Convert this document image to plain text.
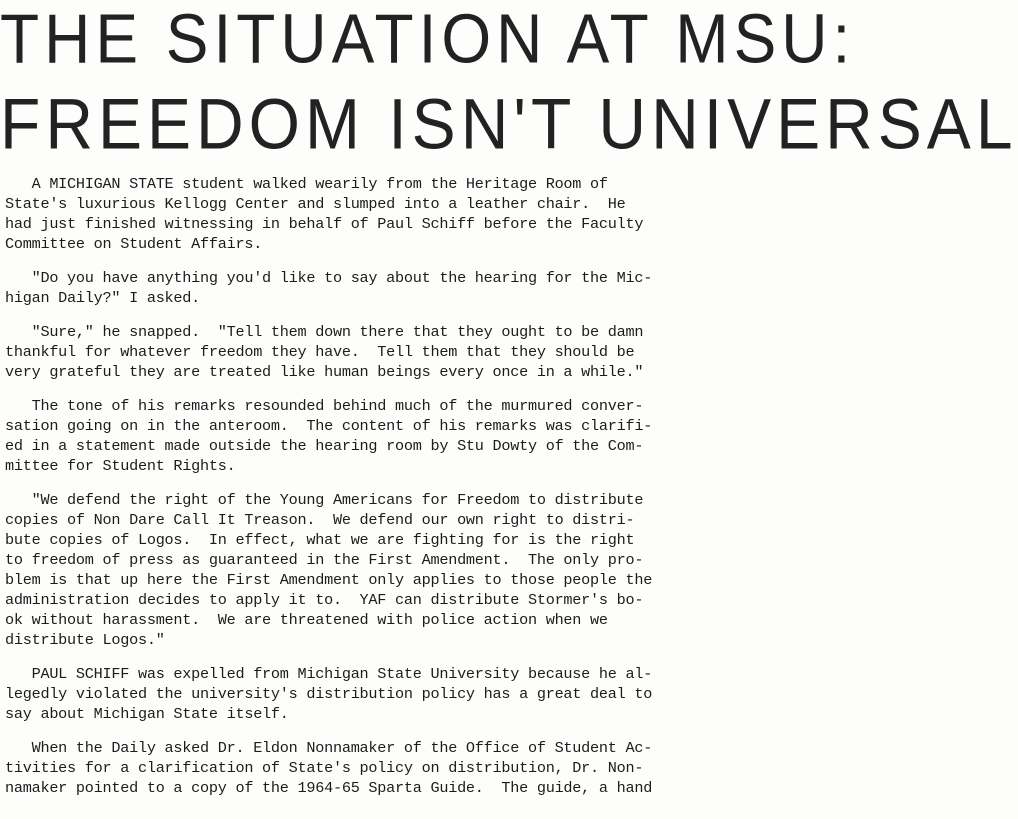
THE SITUATION AT MSU:
FREEDOM ISN'T UNIVERSAL

A MICHIGAN STATE student walked wearily from the Heritage Room of
State's luxurious Kellogg Center and slumped into a leather chair.  He
had just finished witnessing in behalf of Paul Schiff before the Faculty
Committee on Student Affairs.

"Do you have anything you'd like to say about the hearing for the Mic-
higan Daily?" I asked.

"Sure," he snapped.  "Tell them down there that they ought to be damn
thankful for whatever freedom they have.  Tell them that they should be
very grateful they are treated like human beings every once in a while."

The tone of his remarks resounded behind much of the murmured conver-
sation going on in the anteroom.  The content of his remarks was clarifi-
ed in a statement made outside the hearing room by Stu Dowty of the Com-
mittee for Student Rights.

"We defend the right of the Young Americans for Freedom to distribute
copies of Non Dare Call It Treason.  We defend our own right to distri-
bute copies of Logos.  In effect, what we are fighting for is the right
to freedom of press as guaranteed in the First Amendment.  The only pro-
blem is that up here the First Amendment only applies to those people the
administration decides to apply it to.  YAF can distribute Stormer's bo-
ok without harassment.  We are threatened with police action when we
distribute Logos."

PAUL SCHIFF was expelled from Michigan State University because he al-
legedly violated the university's distribution policy has a great deal to
say about Michigan State itself.

When the Daily asked Dr. Eldon Nonnamaker of the Office of Student Ac-
tivities for a clarification of State's policy on distribution, Dr. Non-
namaker pointed to a copy of the 1964-65 Sparta Guide.  The guide, a hand
